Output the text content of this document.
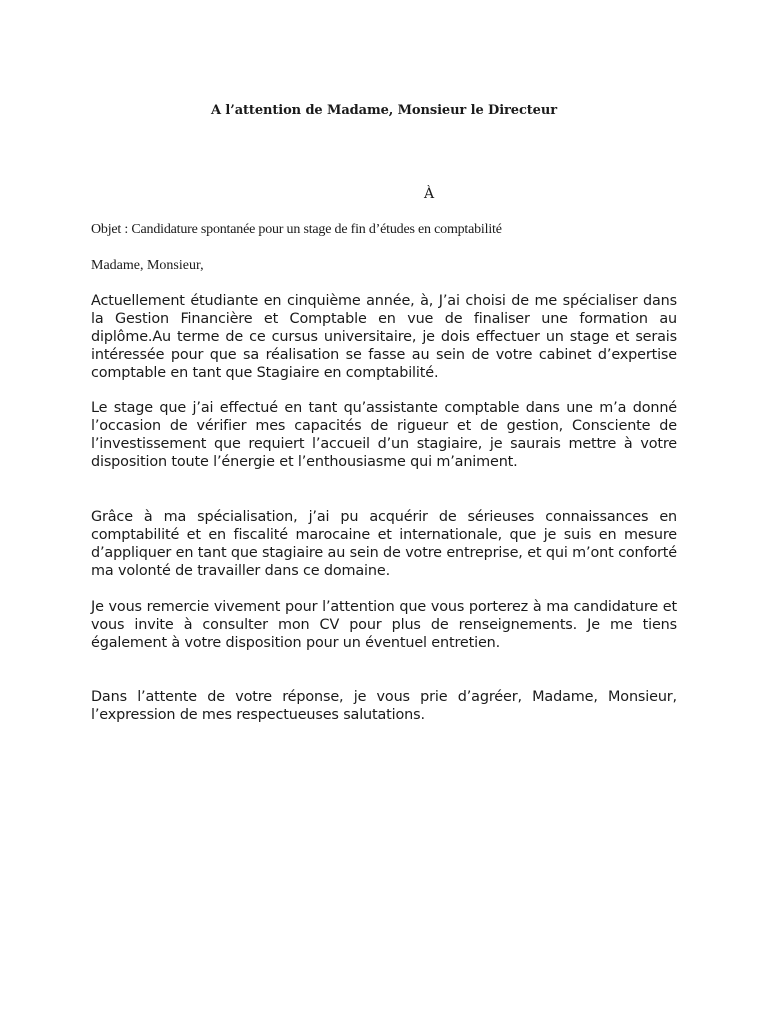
A l’attention de Madame, Monsieur le Directeur
À
Objet : Candidature spontanée pour un stage de fin d’études en comptabilité
Madame, Monsieur,
Actuellement étudiante en cinquième année, à, J’ai choisi de me spécialiser dans la Gestion Financière et Comptable en vue de finaliser une formation au diplôme.Au terme de ce cursus universitaire, je dois effectuer un stage et serais intéressée pour que sa réalisation se fasse au sein de votre cabinet d’expertise comptable en tant que Stagiaire en comptabilité.
Le stage que j’ai effectué en tant qu’assistante comptable dans une m’a donné l’occasion de vérifier mes capacités de rigueur et de gestion, Consciente de l’investissement que requiert l’accueil d’un stagiaire, je saurais mettre à votre disposition toute l’énergie et l’enthousiasme qui m’animent.
Grâce à ma spécialisation, j’ai pu acquérir de sérieuses connaissances en comptabilité et en fiscalité marocaine et internationale, que je suis en mesure d’appliquer en tant que stagiaire au sein de votre entreprise, et qui m’ont conforté ma volonté de travailler dans ce domaine.
Je vous remercie vivement pour l’attention que vous porterez à ma candidature et vous invite à consulter mon CV pour plus de renseignements. Je me tiens également à votre disposition pour un éventuel entretien.
Dans l’attente de votre réponse, je vous prie d’agréer, Madame, Monsieur, l’expression de mes respectueuses salutations.
